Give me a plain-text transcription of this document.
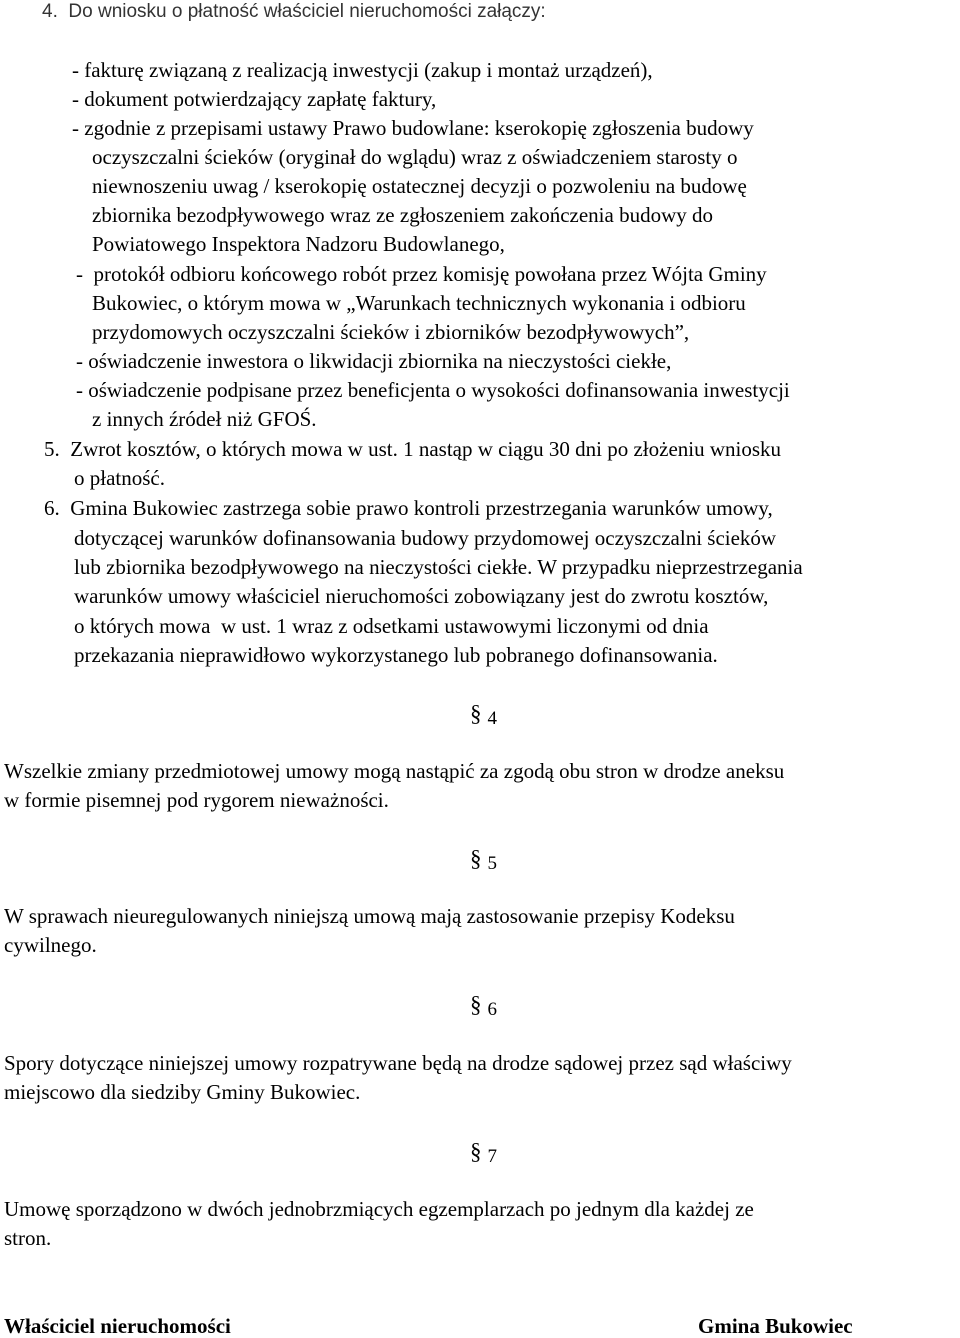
4.  Do wniosku o płatność właściciel nieruchomości załączy:
- fakturę związaną z realizacją inwestycji (zakup i montaż urządzeń),
- dokument potwierdzający zapłatę faktury,
- zgodnie z przepisami ustawy Prawo budowlane: kserokopię zgłoszenia budowy
oczyszczalni ścieków (oryginał do wglądu) wraz z oświadczeniem starosty o
niewnoszeniu uwag / kserokopię ostatecznej decyzji o pozwoleniu na budowę
zbiornika bezodpływowego wraz ze zgłoszeniem zakończenia budowy do
Powiatowego Inspektora Nadzoru Budowlanego,
-  protokół odbioru końcowego robót przez komisję powołana przez Wójta Gminy
Bukowiec, o którym mowa w „Warunkach technicznych wykonania i odbioru
przydomowych oczyszczalni ścieków i zbiorników bezodpływowych”,
- oświadczenie inwestora o likwidacji zbiornika na nieczystości ciekłe,
- oświadczenie podpisane przez beneficjenta o wysokości dofinansowania inwestycji
z innych źródeł niż GFOŚ.
5.  Zwrot kosztów, o których mowa w ust. 1 nastąp w ciągu 30 dni po złożeniu wniosku
o płatność.
6.  Gmina Bukowiec zastrzega sobie prawo kontroli przestrzegania warunków umowy,
dotyczącej warunków dofinansowania budowy przydomowej oczyszczalni ścieków
lub zbiornika bezodpływowego na nieczystości ciekłe. W przypadku nieprzestrzegania
warunków umowy właściciel nieruchomości zobowiązany jest do zwrotu kosztów,
o których mowa  w ust. 1 wraz z odsetkami ustawowymi liczonymi od dnia
przekazania nieprawidłowo wykorzystanego lub pobranego dofinansowania.
§ 4
Wszelkie zmiany przedmiotowej umowy mogą nastąpić za zgodą obu stron w drodze aneksu
w formie pisemnej pod rygorem nieważności.
§ 5
W sprawach nieuregulowanych niniejszą umową mają zastosowanie przepisy Kodeksu
cywilnego.
§ 6
Spory dotyczące niniejszej umowy rozpatrywane będą na drodze sądowej przez sąd właściwy
miejscowo dla siedziby Gminy Bukowiec.
§ 7
Umowę sporządzono w dwóch jednobrzmiących egzemplarzach po jednym dla każdej ze
stron.
Właściciel nieruchomości	Gmina Bukowiec
